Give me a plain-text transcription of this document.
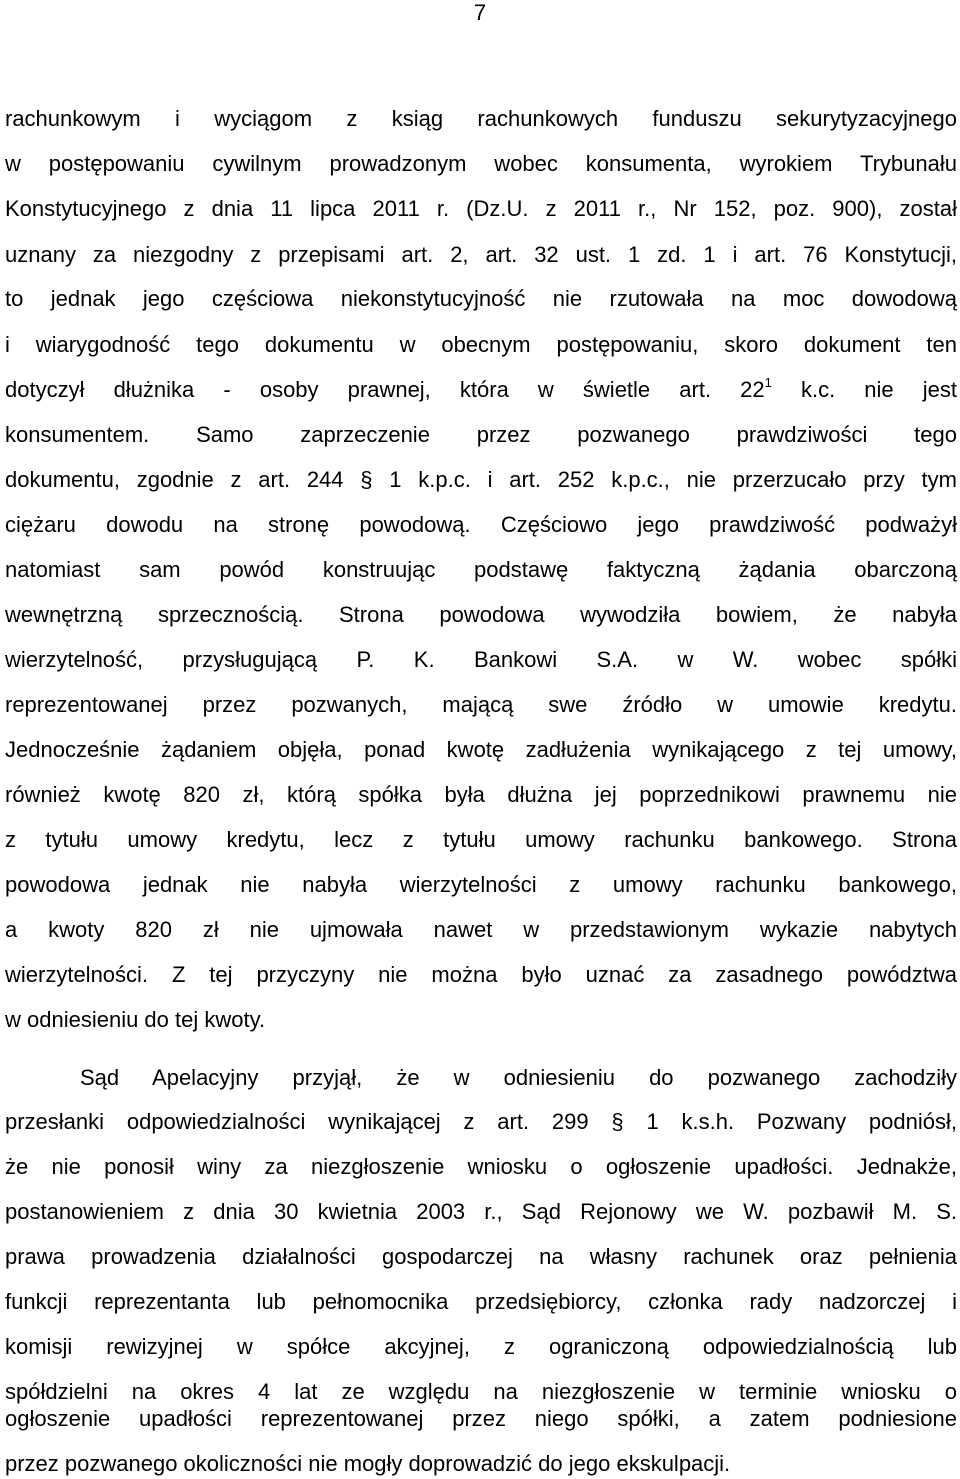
7
rachunkowym i wyciągom z ksiąg rachunkowych funduszu sekurytyzacyjnego
w postępowaniu cywilnym prowadzonym wobec konsumenta, wyrokiem Trybunału
Konstytucyjnego z dnia 11 lipca 2011 r. (Dz.U. z 2011 r., Nr 152, poz. 900), został
uznany za niezgodny z przepisami art. 2, art. 32 ust. 1 zd. 1 i art. 76 Konstytucji,
to jednak jego częściowa niekonstytucyjność nie rzutowała na moc dowodową
i wiarygodność tego dokumentu w obecnym postępowaniu, skoro dokument ten
dotyczył dłużnika - osoby prawnej, która w świetle art. $22^1$ k.c. nie jest
konsumentem. Samo zaprzeczenie przez pozwanego prawdziwości tego
dokumentu, zgodnie z art. 244 § 1 k.p.c. i art. 252 k.p.c., nie przerzucało przy tym
ciężaru dowodu na stronę powodową. Częściowo jego prawdziwość podważył
natomiast sam powód konstruując podstawę faktyczną żądania obarczoną
wewnętrzną sprzecznością. Strona powodowa wywodziła bowiem, że nabyła
wierzytelność, przysługującą P. K. Bankowi S.A. w W. wobec spółki
reprezentowanej przez pozwanych, mającą swe źródło w umowie kredytu.
Jednocześnie żądaniem objęła, ponad kwotę zadłużenia wynikającego z tej umowy,
również kwotę 820 zł, którą spółka była dłużna jej poprzednikowi prawnemu nie
z tytułu umowy kredytu, lecz z tytułu umowy rachunku bankowego. Strona
powodowa jednak nie nabyła wierzytelności z umowy rachunku bankowego,
a kwoty 820 zł nie ujmowała nawet w przedstawionym wykazie nabytych
wierzytelności. Z tej przyczyny nie można było uznać za zasadnego powództwa
w odniesieniu do tej kwoty.
Sąd Apelacyjny przyjął, że w odniesieniu do pozwanego zachodziły
przesłanki odpowiedzialności wynikającej z art. 299 § 1 k.s.h. Pozwany podniósł,
że nie ponosił winy za niezgłoszenie wniosku o ogłoszenie upadłości. Jednakże,
postanowieniem z dnia 30 kwietnia 2003 r., Sąd Rejonowy we W. pozbawił M. S.
prawa prowadzenia działalności gospodarczej na własny rachunek oraz pełnienia
funkcji reprezentanta lub pełnomocnika przedsiębiorcy, członka rady nadzorczej i
komisji rewizyjnej w spółce akcyjnej, z ograniczoną odpowiedzialnością lub
spółdzielni na okres 4 lat ze względu na niezgłoszenie w terminie wniosku o
ogłoszenie upadłości reprezentowanej przez niego spółki, a zatem podniesione
przez pozwanego okoliczności nie mogły doprowadzić do jego ekskulpacji.
